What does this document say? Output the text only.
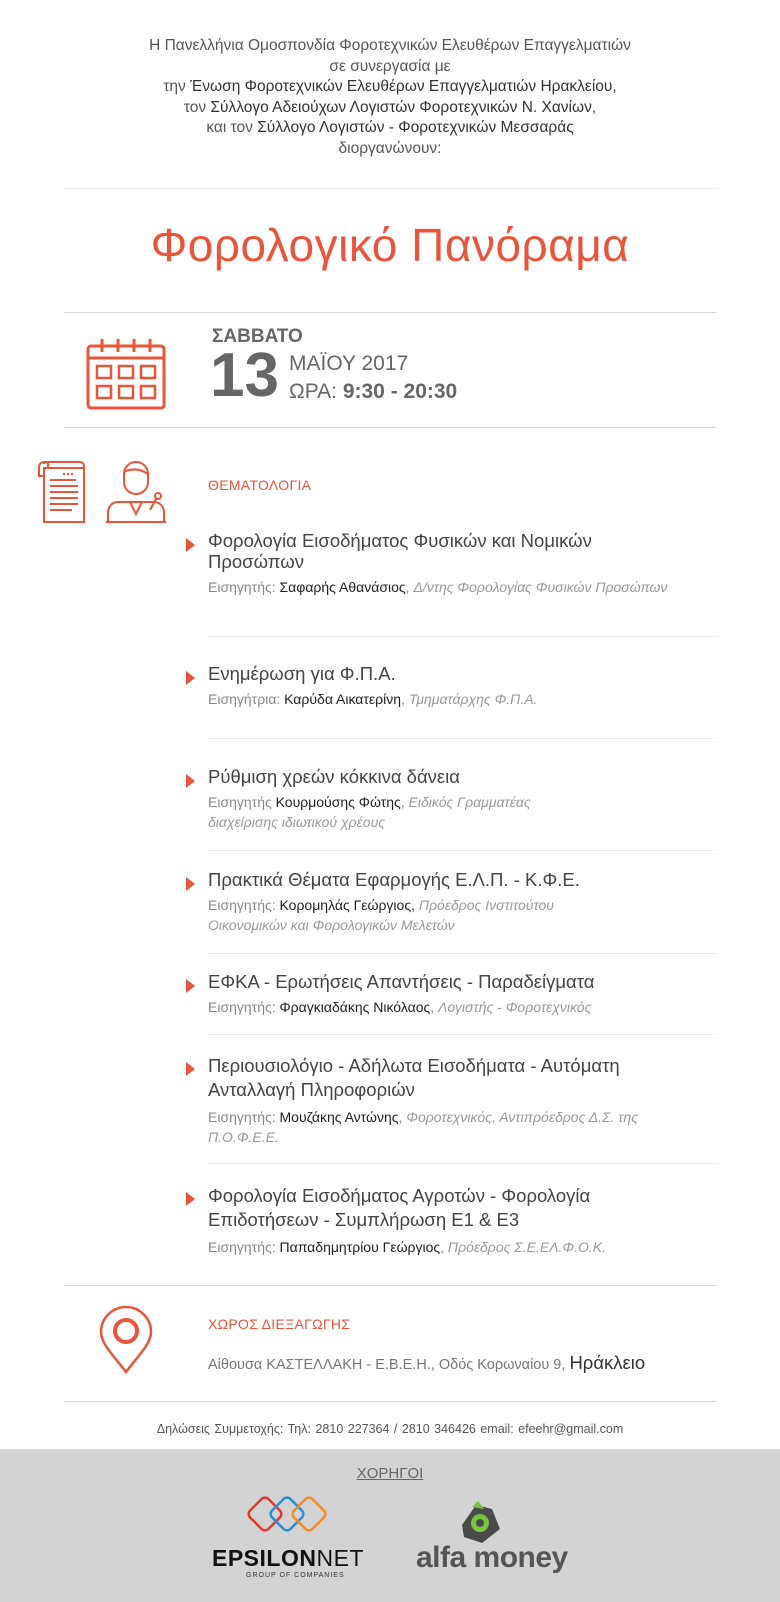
Η Πανελλήνια Ομοσπονδία Φοροτεχνικών Ελευθέρων Επαγγελματιών
σε συνεργασία με
την Ένωση Φοροτεχνικών Ελευθέρων Επαγγελματιών Ηρακλείου,
τον Σύλλογο Αδειούχων Λογιστών Φοροτεχνικών Ν. Χανίων,
και τον Σύλλογο Λογιστών - Φοροτεχνικών Μεσσαράς
διοργανώνουν:
Φορολογικό Πανόραμα
ΣΑΒΒΑΤΟ
13 ΜΑΪΟΥ 2017
ΩΡΑ: 9:30 - 20:30
ΘΕΜΑΤΟΛΟΓΙΑ
Φορολογία Εισοδήματος Φυσικών και Νομικών Προσώπων
Εισηγητής: Σαφαρής Αθανάσιος, Δ/ντης Φορολογίας Φυσικών Προσώπων
Ενημέρωση για Φ.Π.Α.
Εισηγήτρια: Καρύδα Αικατερίνη, Τμηματάρχης Φ.Π.Α.
Ρύθμιση χρεών κόκκινα δάνεια
Εισηγητής Κουρμούσης Φώτης, Ειδικός Γραμματέας διαχείρισης ιδιωτικού χρέους
Πρακτικά Θέματα Εφαρμογής Ε.Λ.Π. - Κ.Φ.Ε.
Εισηγητής: Κορομηλάς Γεώργιος, Πρόεδρος Ινστιτούτου Οικονομικών και Φορολογικών Μελετών
ΕΦΚΑ - Ερωτήσεις Απαντήσεις - Παραδείγματα
Εισηγητής: Φραγκιαδάκης Νικόλαος, Λογιστής - Φοροτεχνικός
Περιουσιολόγιο - Αδήλωτα Εισοδήματα - Αυτόματη Ανταλλαγή Πληροφοριών
Εισηγητής: Μουζάκης Αντώνης, Φοροτεχνικός, Αντιπρόεδρος Δ.Σ. της Π.Ο.Φ.Ε.Ε.
Φορολογία Εισοδήματος Αγροτών - Φορολογία Επιδοτήσεων - Συμπλήρωση Ε1 & Ε3
Εισηγητής: Παπαδημητρίου Γεώργιος, Πρόεδρος Σ.Ε.ΕΛ.Φ.Ο.Κ.
ΧΩΡΟΣ ΔΙΕΞΑΓΩΓΗΣ
Αίθουσα ΚΑΣΤΕΛΛΑΚΗ - Ε.Β.Ε.Η., Οδός Κορωναίου 9, Ηράκλειο
Δηλώσεις Συμμετοχής: Τηλ: 2810 227364 / 2810 346426 email: efeehr@gmail.com
ΧΟΡΗΓΟΙ
EPSILONNET
GROUP OF COMPANIES
alfa money
